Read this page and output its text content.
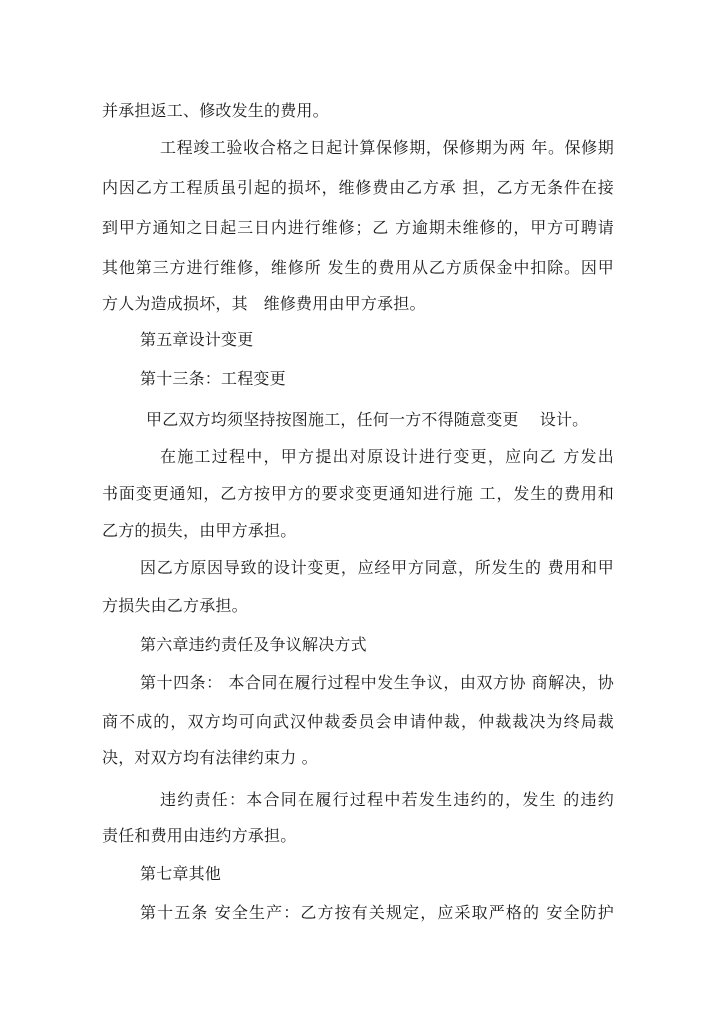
并承担返工、修改发生的费用。
工程竣工验收合格之日起计算保修期，保修期为两 年。保修期
内因乙方工程质虽引起的损坏，维修费由乙方承 担，乙方无条件在接
到甲方通知之日起三日内进行维修；乙 方逾期未维修的，甲方可聘请
其他第三方进行维修，维修所 发生的费用从乙方质保金中扣除。因甲
方人为造成损坏，其   维修费用由甲方承担。
第五章设计变更
第十三条：工程变更
甲乙双方均须坚持按图施工，任何一方不得随意变更    设计。
在施工过程中，甲方提出对原设计进行变更，应向乙 方发出
书面变更通知，乙方按甲方的要求变更通知进行施 工，发生的费用和
乙方的损失，由甲方承担。
因乙方原因导致的设计变更，应经甲方同意，所发生的 费用和甲
方损失由乙方承担。
第六章违约责任及争议解决方式
第十四条： 本合同在履行过程中发生争议，由双方协 商解决，协
商不成的，双方均可向武汉仲裁委员会申请仲裁，仲裁裁决为终局裁
决，对双方均有法律约束力 。
违约责任：本合同在履行过程中若发生违约的，发生 的违约
责任和费用由违约方承担。
第七章其他
第十五条 安全生产：乙方按有关规定，应采取严格的 安全防护
